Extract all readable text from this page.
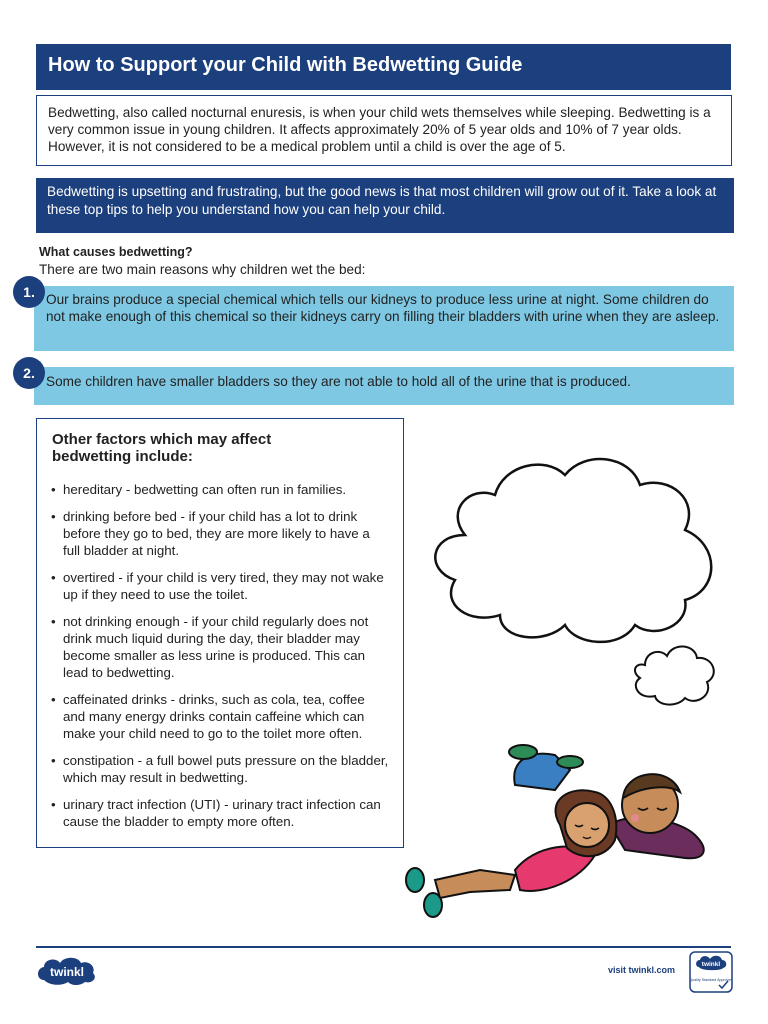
How to Support your Child with Bedwetting Guide
Bedwetting, also called nocturnal enuresis, is when your child wets themselves while sleeping. Bedwetting is a very common issue in young children. It affects approximately 20% of 5 year olds and 10% of 7 year olds. However, it is not considered to be a medical problem until a child is over the age of 5.
Bedwetting is upsetting and frustrating, but the good news is that most children will grow out of it. Take a look at these top tips to help you understand how you can help your child.
What causes bedwetting?
There are two main reasons why children wet the bed:
Our brains produce a special chemical which tells our kidneys to produce less urine at night. Some children do not make enough of this chemical so their kidneys carry on filling their bladders with urine when they are asleep.
1.
Some children have smaller bladders so they are not able to hold all of the urine that is produced.
2.
Other factors which may affect bedwetting include:
• hereditary - bedwetting can often run in families.
• drinking before bed - if your child has a lot to drink before they go to bed, they are more likely to have a full bladder at night.
• overtired - if your child is very tired, they may not wake up if they need to use the toilet.
• not drinking enough - if your child regularly does not drink much liquid during the day, their bladder may become smaller as less urine is produced. This can lead to bedwetting.
• caffeinated drinks - drinks, such as cola, tea, coffee and many energy drinks contain caffeine which can make your child need to go to the toilet more often.
• constipation - a full bowel puts pressure on the bladder, which may result in bedwetting.
• urinary tract infection (UTI) - urinary tract infection can cause the bladder to empty more often.
twinkl	visit twinkl.com
twinkl
Quality Standard Approved
